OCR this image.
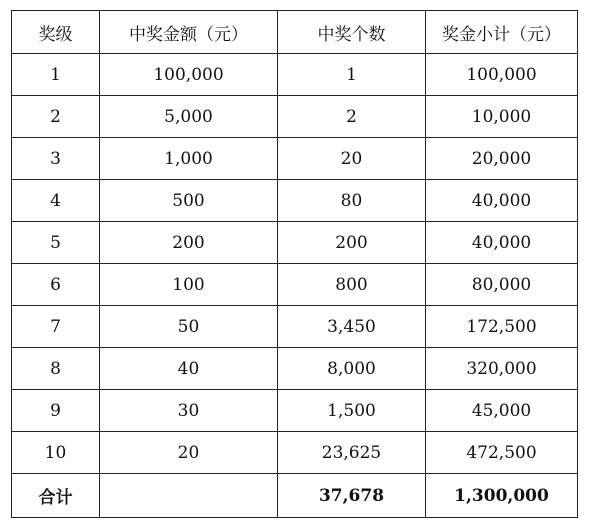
奖级	中奖金额（元）	中奖个数	奖金小计（元）
1	100,000	1	100,000
2	5,000	2	10,000
3	1,000	20	20,000
4	500	80	40,000
5	200	200	40,000
6	100	800	80,000
7	50	3,450	172,500
8	40	8,000	320,000
9	30	1,500	45,000
10	20	23,625	472,500
合计		37,678	1,300,000
